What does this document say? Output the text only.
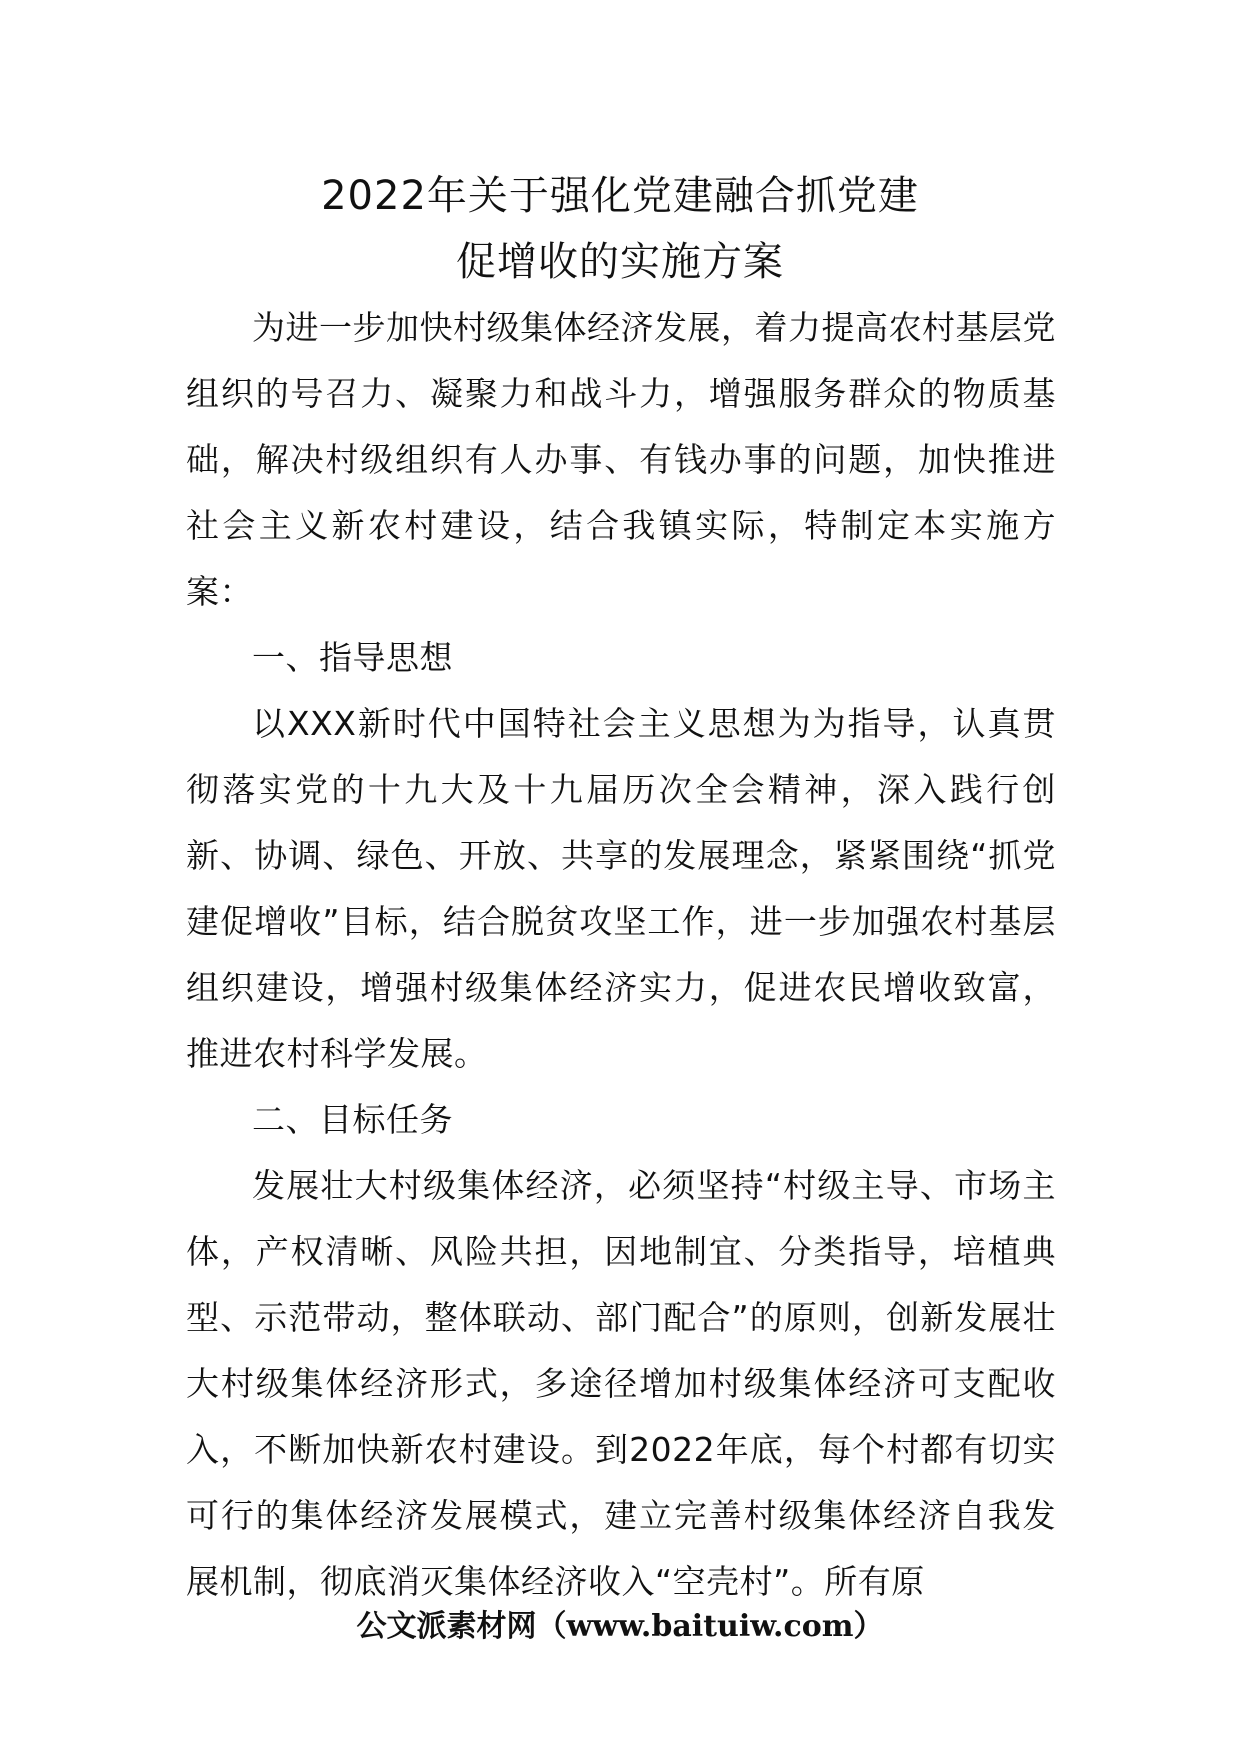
2022年关于强化党建融合抓党建
促增收的实施方案

为进一步加快村级集体经济发展，着力提高农村基层党组织的号召力、凝聚力和战斗力，增强服务群众的物质基础，解决村级组织有人办事、有钱办事的问题，加快推进社会主义新农村建设，结合我镇实际，特制定本实施方案：

一、指导思想

以XXX新时代中国特社会主义思想为为指导，认真贯彻落实党的十九大及十九届历次全会精神，深入践行创新、协调、绿色、开放、共享的发展理念，紧紧围绕“抓党建促增收”目标，结合脱贫攻坚工作，进一步加强农村基层组织建设，增强村级集体经济实力，促进农民增收致富，推进农村科学发展。

二、目标任务

发展壮大村级集体经济，必须坚持“村级主导、市场主体，产权清晰、风险共担，因地制宜、分类指导，培植典型、示范带动，整体联动、部门配合”的原则，创新发展壮大村级集体经济形式，多途径增加村级集体经济可支配收入，不断加快新农村建设。到2022年底，每个村都有切实可行的集体经济发展模式，建立完善村级集体经济自我发展机制，彻底消灭集体经济收入“空壳村”。所有原

公文派素材网（www.baituiw.com）
